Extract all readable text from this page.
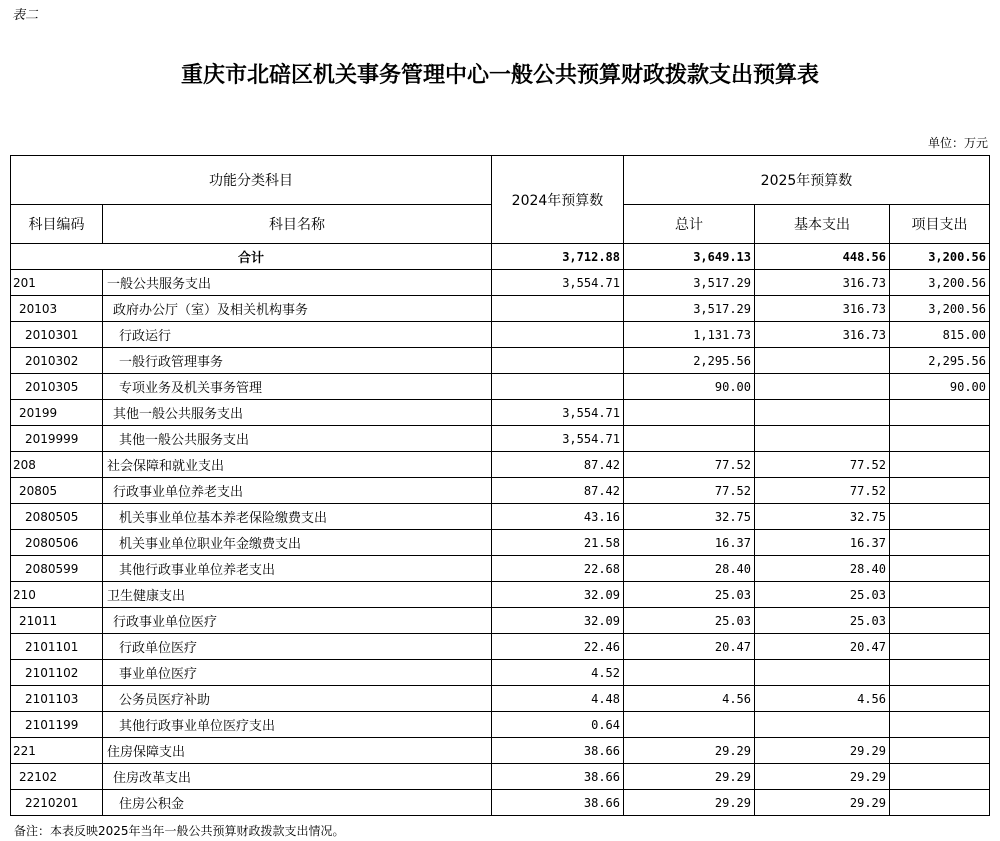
表二
重庆市北碚区机关事务管理中心一般公共预算财政拨款支出预算表
单位：万元
功能分类科目		2024年预算数	2025年预算数		
科目编码	科目名称		总计	基本支出	项目支出
合计		3,712.88	3,649.13	448.56	3,200.56
201	一般公共服务支出	3,554.71	3,517.29	316.73	3,200.56
20103	政府办公厅（室）及相关机构事务		3,517.29	316.73	3,200.56
2010301	行政运行		1,131.73	316.73	815.00
2010302	一般行政管理事务		2,295.56		2,295.56
2010305	专项业务及机关事务管理		90.00		90.00
20199	其他一般公共服务支出	3,554.71			
2019999	其他一般公共服务支出	3,554.71			
208	社会保障和就业支出	87.42	77.52	77.52	
20805	行政事业单位养老支出	87.42	77.52	77.52	
2080505	机关事业单位基本养老保险缴费支出	43.16	32.75	32.75	
2080506	机关事业单位职业年金缴费支出	21.58	16.37	16.37	
2080599	其他行政事业单位养老支出	22.68	28.40	28.40	
210	卫生健康支出	32.09	25.03	25.03	
21011	行政事业单位医疗	32.09	25.03	25.03	
2101101	行政单位医疗	22.46	20.47	20.47	
2101102	事业单位医疗	4.52			
2101103	公务员医疗补助	4.48	4.56	4.56	
2101199	其他行政事业单位医疗支出	0.64			
221	住房保障支出	38.66	29.29	29.29	
22102	住房改革支出	38.66	29.29	29.29	
2210201	住房公积金	38.66	29.29	29.29	
备注：本表反映2025年当年一般公共预算财政拨款支出情况。
